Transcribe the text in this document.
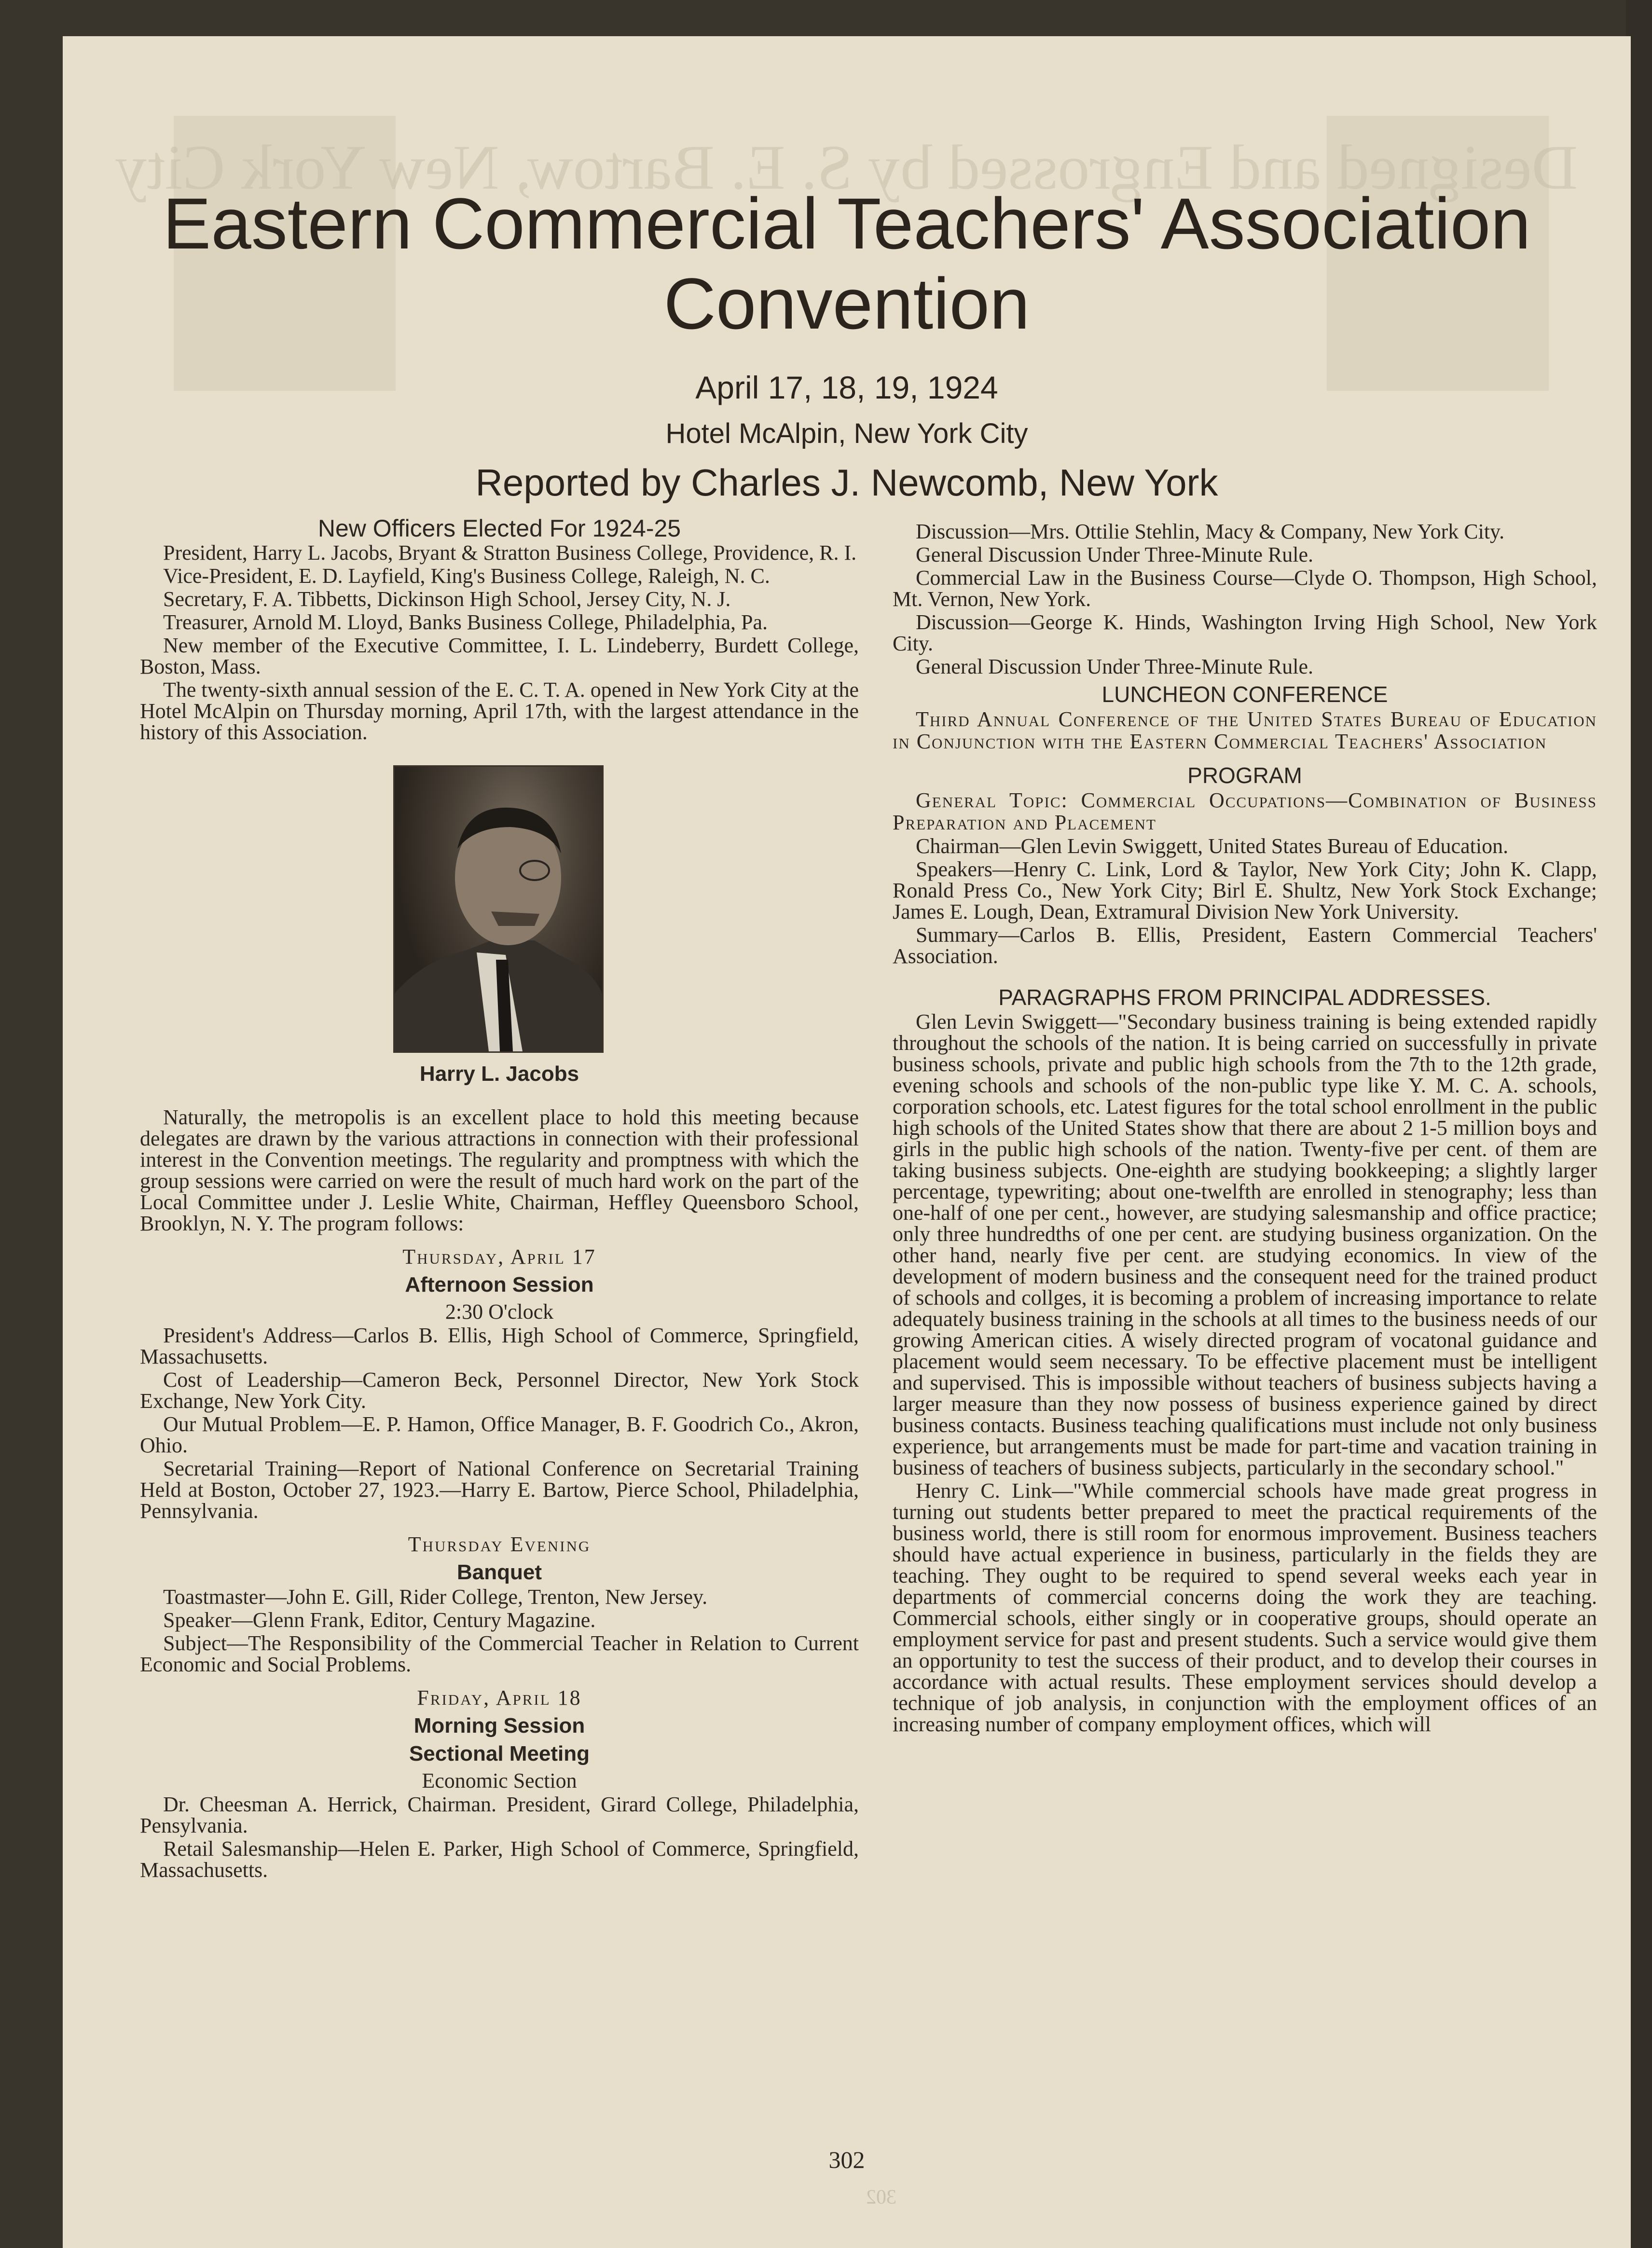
Designed and Engrossed by S. E. Bartow, New York City
Eastern Commercial Teachers' Association
Convention
April 17, 18, 19, 1924
Hotel McAlpin, New York City
Reported by Charles J. Newcomb, New York
New Officers Elected For 1924-25

President, Harry L. Jacobs, Bryant & Stratton Business College, Providence, R. I.

Vice-President, E. D. Layfield, King's Business College, Raleigh, N. C.

Secretary, F. A. Tibbetts, Dickinson High School, Jersey City, N. J.

Treasurer, Arnold M. Lloyd, Banks Business College, Philadelphia, Pa.

New member of the Executive Committee, I. L. Lindeberry, Burdett College, Boston, Mass.

The twenty-sixth annual session of the E. C. T. A. opened in New York City at the Hotel McAlpin on Thursday morning, April 17th, with the largest attendance in the history of this Association.

Harry L. Jacobs

Naturally, the metropolis is an excellent place to hold this meeting because delegates are drawn by the various attractions in connection with their professional interest in the Convention meetings. The regularity and promptness with which the group sessions were carried on were the result of much hard work on the part of the Local Committee under J. Leslie White, Chairman, Heffley Queensboro School, Brooklyn, N. Y. The program follows:

Thursday, April 17
Afternoon Session
2:30 O'clock

President's Address—Carlos B. Ellis, High School of Commerce, Springfield, Massachusetts.

Cost of Leadership—Cameron Beck, Personnel Director, New York Stock Exchange, New York City.

Our Mutual Problem—E. P. Hamon, Office Manager, B. F. Goodrich Co., Akron, Ohio.

Secretarial Training—Report of National Conference on Secretarial Training Held at Boston, October 27, 1923.—Harry E. Bartow, Pierce School, Philadelphia, Pennsylvania.

Thursday Evening
Banquet

Toastmaster—John E. Gill, Rider College, Trenton, New Jersey.

Speaker—Glenn Frank, Editor, Century Magazine.

Subject—The Responsibility of the Commercial Teacher in Relation to Current Economic and Social Problems.

Friday, April 18
Morning Session
Sectional Meeting
Economic Section

Dr. Cheesman A. Herrick, Chairman. President, Girard College, Philadelphia, Pensylvania.

Retail Salesmanship—Helen E. Parker, High School of Commerce, Springfield, Massachusetts.

Discussion—Mrs. Ottilie Stehlin, Macy & Company, New York City.

General Discussion Under Three-Minute Rule.

Commercial Law in the Business Course—Clyde O. Thompson, High School, Mt. Vernon, New York.

Discussion—George K. Hinds, Washington Irving High School, New York City.

General Discussion Under Three-Minute Rule.

LUNCHEON CONFERENCE

Third Annual Conference of the United States Bureau of Education in Conjunction with the Eastern Commercial Teachers' Association

PROGRAM

General Topic: Commercial Occupations—Combination of Business Preparation and Placement

Chairman—Glen Levin Swiggett, United States Bureau of Education.

Speakers—Henry C. Link, Lord & Taylor, New York City; John K. Clapp, Ronald Press Co., New York City; Birl E. Shultz, New York Stock Exchange; James E. Lough, Dean, Extramural Division New York University.

Summary—Carlos B. Ellis, President, Eastern Commercial Teachers' Association.

PARAGRAPHS FROM PRINCIPAL ADDRESSES.

Glen Levin Swiggett—"Secondary business training is being extended rapidly throughout the schools of the nation. It is being carried on successfully in private business schools, private and public high schools from the 7th to the 12th grade, evening schools and schools of the non-public type like Y. M. C. A. schools, corporation schools, etc. Latest figures for the total school enrollment in the public high schools of the United States show that there are about 2 1-5 million boys and girls in the public high schools of the nation. Twenty-five per cent. of them are taking business subjects. One-eighth are studying bookkeeping; a slightly larger percentage, typewriting; about one-twelfth are enrolled in stenography; less than one-half of one per cent., however, are studying salesmanship and office practice; only three hundredths of one per cent. are studying business organization. On the other hand, nearly five per cent. are studying economics. In view of the development of modern business and the consequent need for the trained product of schools and collges, it is becoming a problem of increasing importance to relate adequately business training in the schools at all times to the business needs of our growing American cities. A wisely directed program of vocatonal guidance and placement would seem necessary. To be effective placement must be intelligent and supervised. This is impossible without teachers of business subjects having a larger measure than they now possess of business experience gained by direct business contacts. Business teaching qualifications must include not only business experience, but arrangements must be made for part-time and vacation training in business of teachers of business subjects, particularly in the secondary school."

Henry C. Link—"While commercial schools have made great progress in turning out students better prepared to meet the practical requirements of the business world, there is still room for enormous improvement. Business teachers should have actual experience in business, particularly in the fields they are teaching. They ought to be required to spend several weeks each year in departments of commercial concerns doing the work they are teaching. Commercial schools, either singly or in cooperative groups, should operate an employment service for past and present students. Such a service would give them an opportunity to test the success of their product, and to develop their courses in accordance with actual results. These employment services should develop a technique of job analysis, in conjunction with the employment offices of an increasing number of company employment offices, which will

302
302
